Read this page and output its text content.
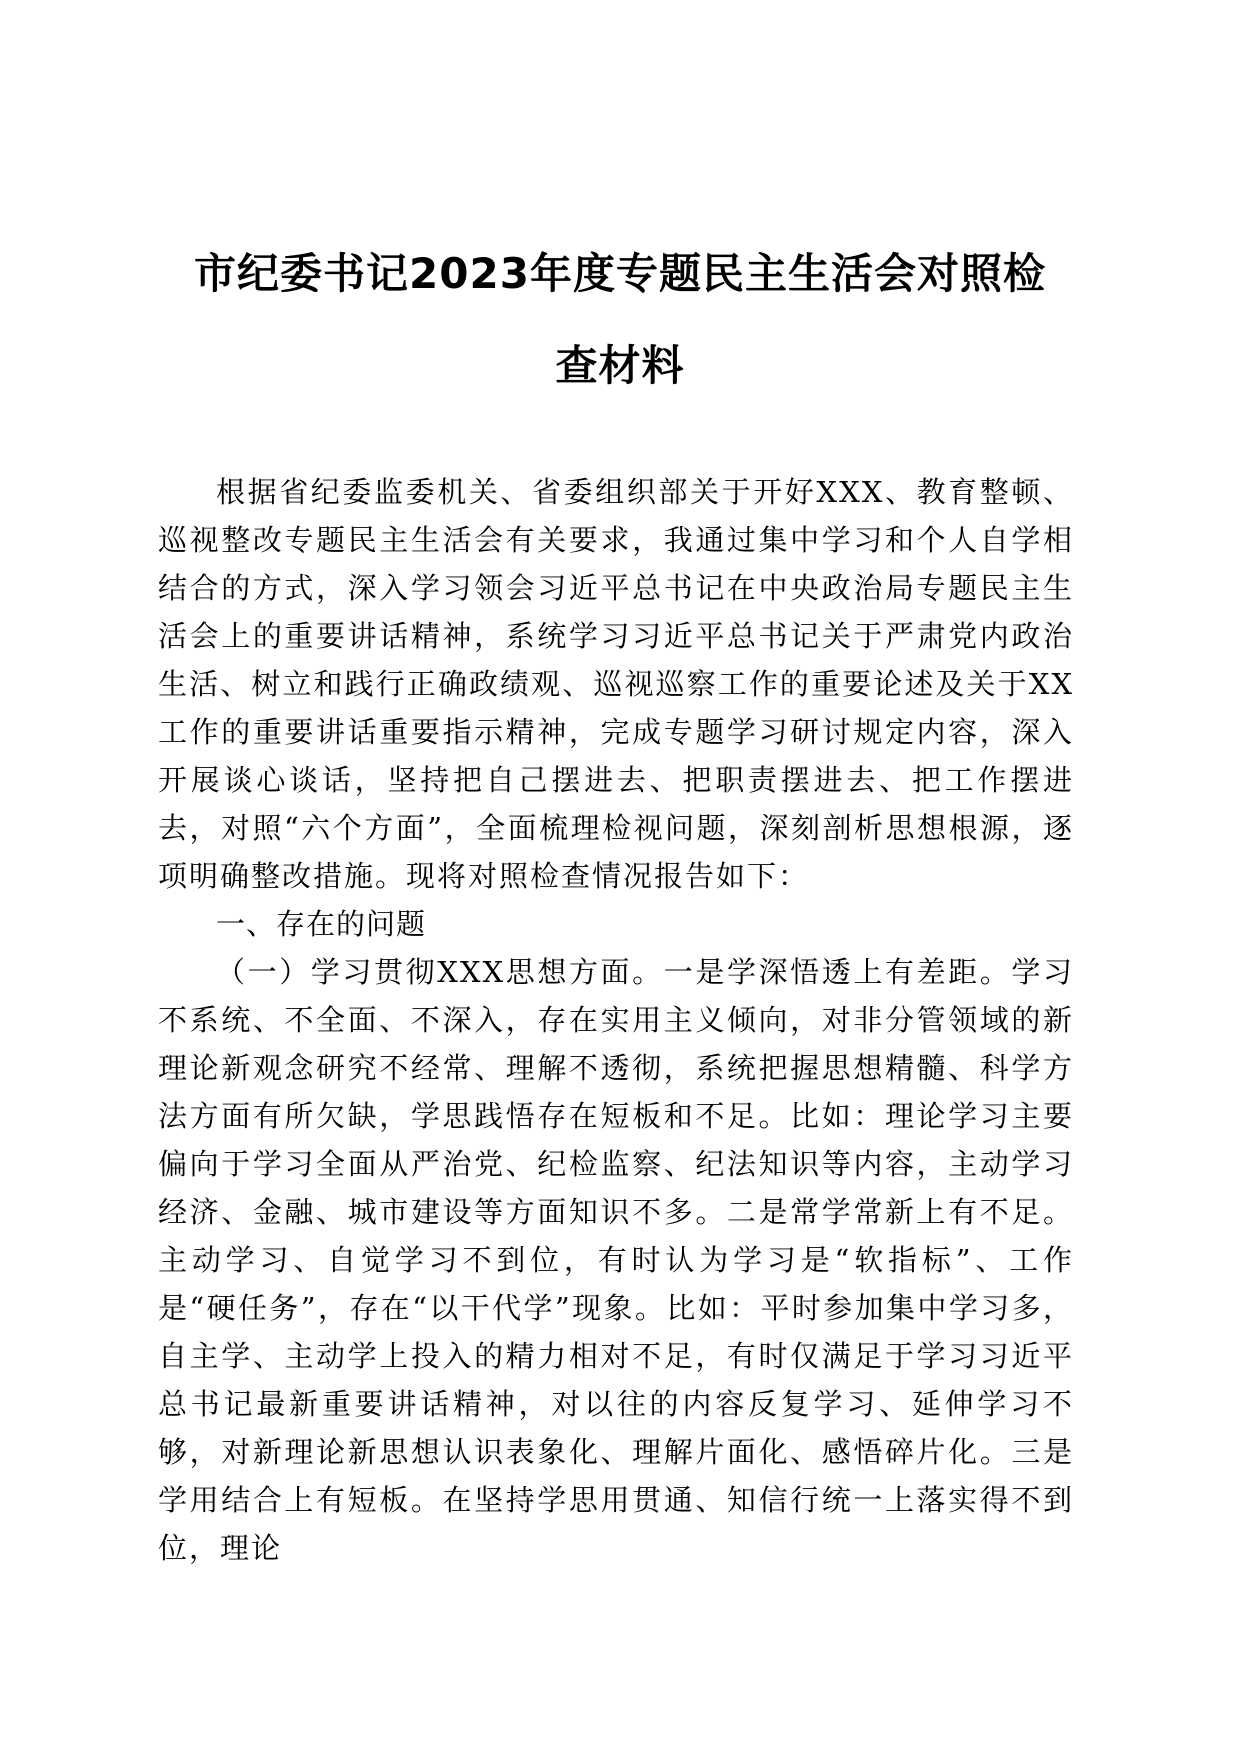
市纪委书记2023年度专题民主生活会对照检
查材料

根据省纪委监委机关、省委组织部关于开好XXX、教育整顿、巡视整改专题民主生活会有关要求，我通过集中学习和个人自学相结合的方式，深入学习领会习近平总书记在中央政治局专题民主生活会上的重要讲话精神，系统学习习近平总书记关于严肃党内政治生活、树立和践行正确政绩观、巡视巡察工作的重要论述及关于XX工作的重要讲话重要指示精神，完成专题学习研讨规定内容，深入开展谈心谈话，坚持把自己摆进去、把职责摆进去、把工作摆进去，对照“六个方面”，全面梳理检视问题，深刻剖析思想根源，逐项明确整改措施。现将对照检查情况报告如下：

一、存在的问题

（一）学习贯彻XXX思想方面。一是学深悟透上有差距。学习不系统、不全面、不深入，存在实用主义倾向，对非分管领域的新理论新观念研究不经常、理解不透彻，系统把握思想精髓、科学方法方面有所欠缺，学思践悟存在短板和不足。比如：理论学习主要偏向于学习全面从严治党、纪检监察、纪法知识等内容，主动学习经济、金融、城市建设等方面知识不多。二是常学常新上有不足。主动学习、自觉学习不到位，有时认为学习是“软指标”、工作是“硬任务”，存在“以干代学”现象。比如：平时参加集中学习多，自主学、主动学上投入的精力相对不足，有时仅满足于学习习近平总书记最新重要讲话精神，对以往的内容反复学习、延伸学习不够，对新理论新思想认识表象化、理解片面化、感悟碎片化。三是学用结合上有短板。在坚持学思用贯通、知信行统一上落实得不到位，理论
